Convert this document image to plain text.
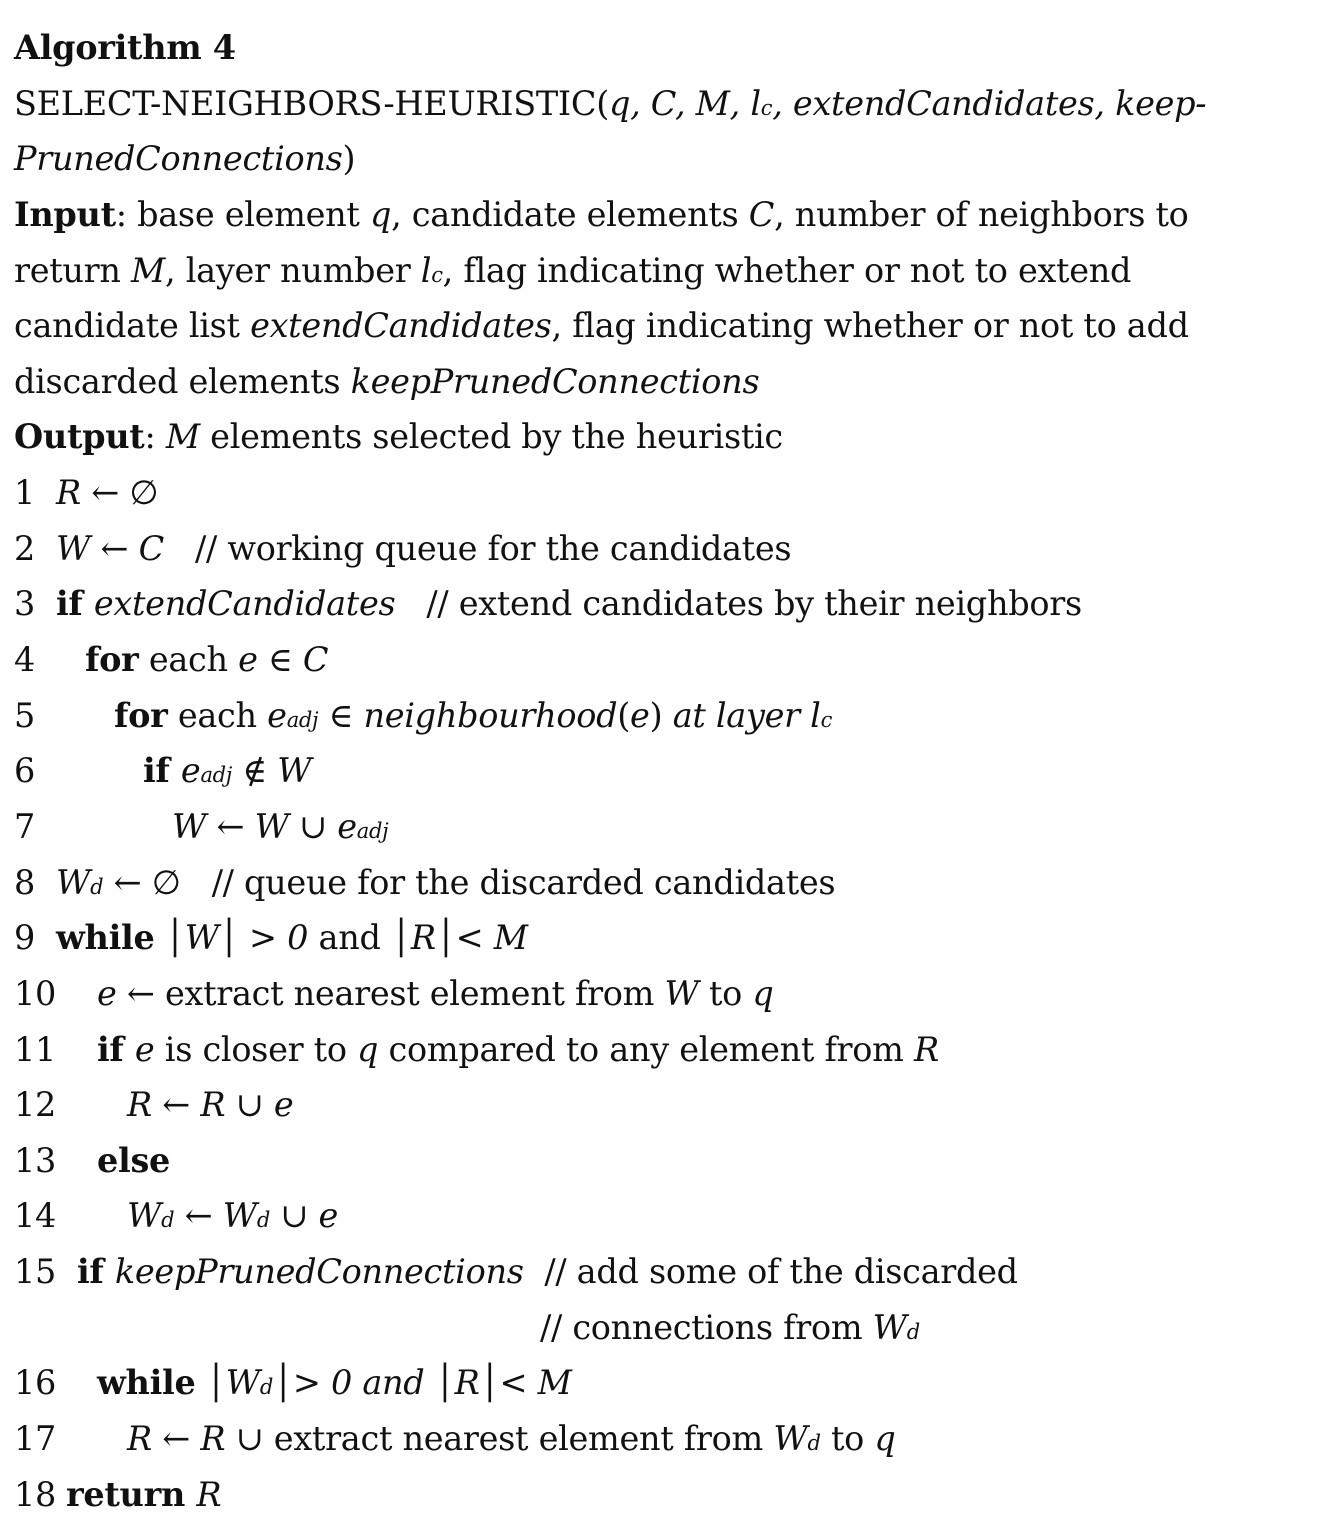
Algorithm 4
SELECT-NEIGHBORS-HEURISTIC(q, C, M, lc, extendCandidates, keep-
PrunedConnections)
Input: base element q, candidate elements C, number of neighbors to
return M, layer number lc, flag indicating whether or not to extend
candidate list extendCandidates, flag indicating whether or not to add
discarded elements keepPrunedConnections
Output: M elements selected by the heuristic
1 R ← ∅
2 W ← C   // working queue for the candidates
3 if extendCandidates   // extend candidates by their neighbors
4 for each e ∈ C
5 for each eadj ∈ neighbourhood(e) at layer lc
6	if eadj ∉ W
7	W ← W ∪ eadj
8 Wd ← ∅   // queue for the discarded candidates
9 while │W│ > 0 and │R│< M
10 e ← extract nearest element from W to q
11 if e is closer to q compared to any element from R
12 R ← R ∪ e
13 else
14 Wd ← Wd ∪ e
15 if keepPrunedConnections  // add some of the discarded
// connections from Wd
16 while │Wd│> 0 and │R│< M
17 R ← R ∪ extract nearest element from Wd to q
18 return R
